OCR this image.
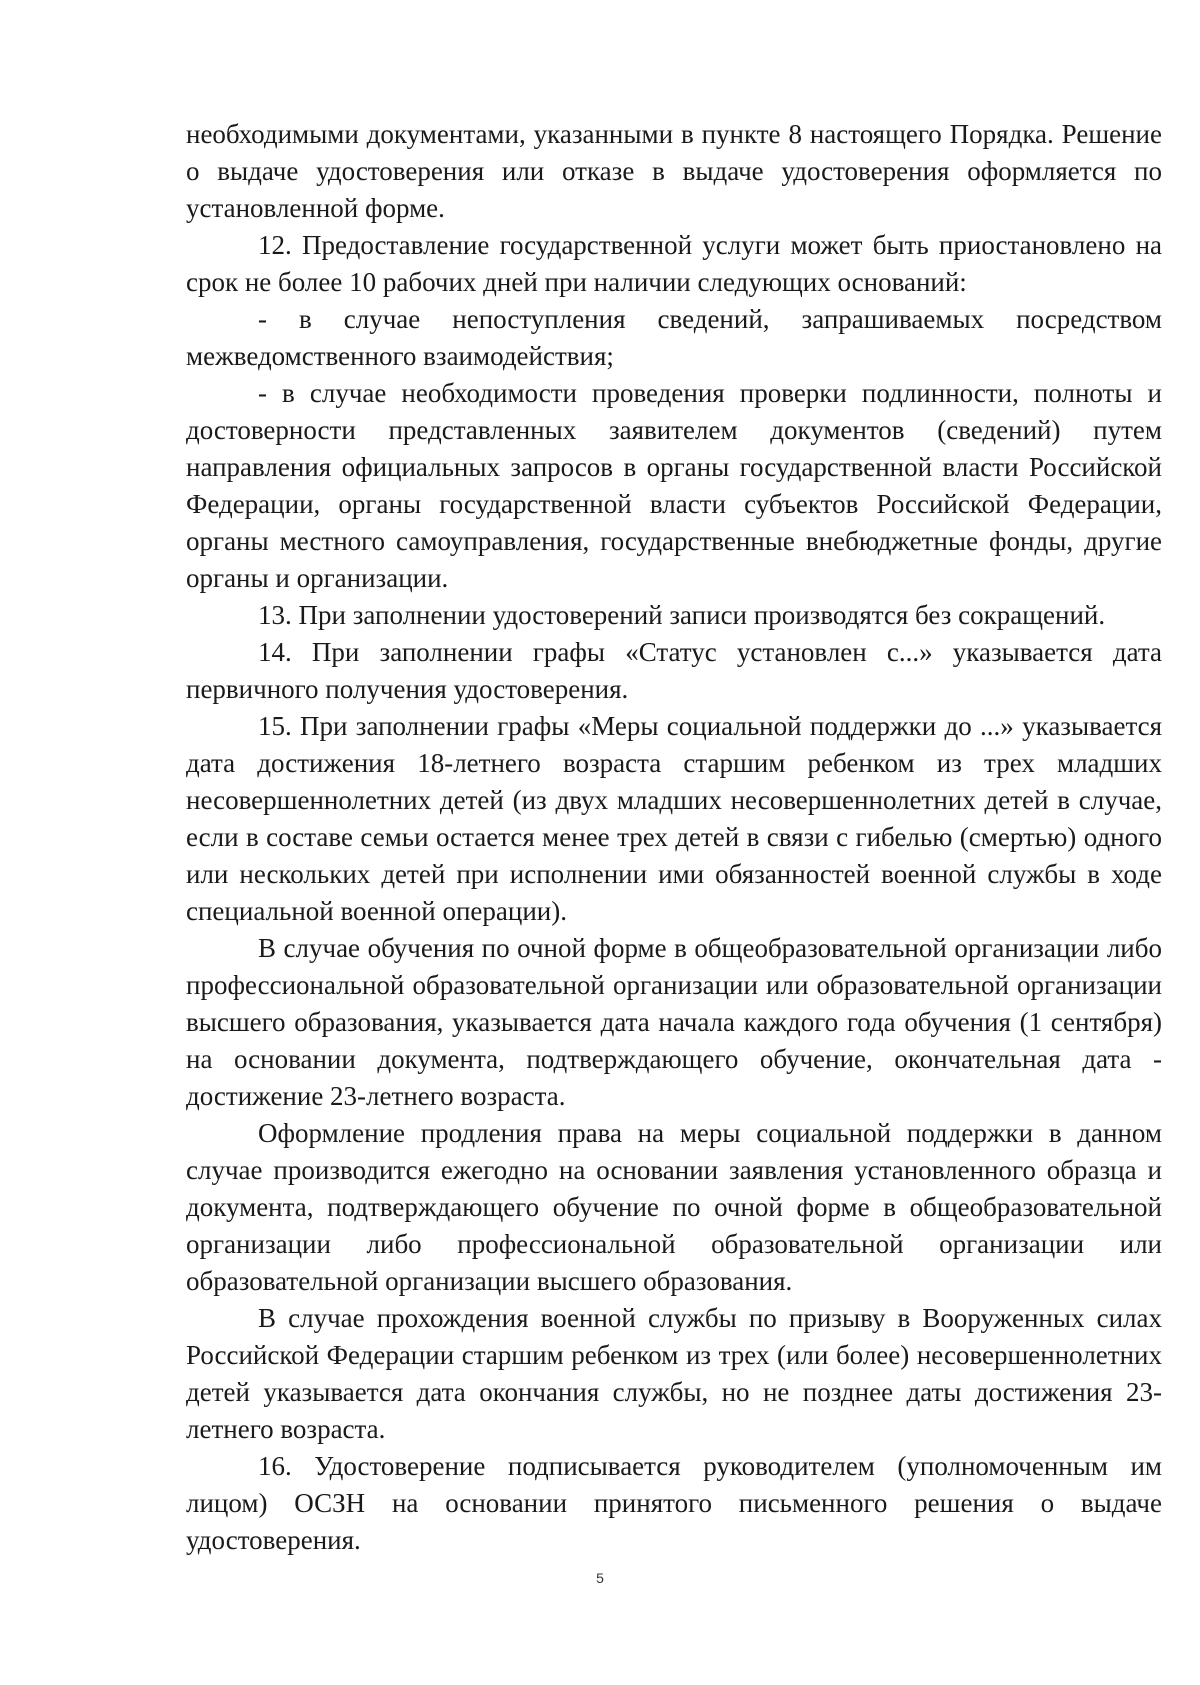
необходимыми документами, указанными в пункте 8 настоящего Порядка. Решение о выдаче удостоверения или отказе в выдаче удостоверения оформляется по установленной форме.

12. Предоставление государственной услуги может быть приостановлено на срок не более 10 рабочих дней при наличии следующих оснований:

- в случае непоступления сведений, запрашиваемых посредством межведомственного взаимодействия;

- в случае необходимости проведения проверки подлинности, полноты и достоверности представленных заявителем документов (сведений) путем направления официальных запросов в органы государственной власти Российской Федерации, органы государственной власти субъектов Российской Федерации, органы местного самоуправления, государственные внебюджетные фонды, другие органы и организации.

13. При заполнении удостоверений записи производятся без сокращений.

14. При заполнении графы «Статус установлен с...» указывается дата первичного получения удостоверения.

15. При заполнении графы «Меры социальной поддержки до ...» указывается дата достижения 18-летнего возраста старшим ребенком из трех младших несовершеннолетних детей (из двух младших несовершеннолетних детей в случае, если в составе семьи остается менее трех детей в связи с гибелью (смертью) одного или нескольких детей при исполнении ими обязанностей военной службы в ходе специальной военной операции).

В случае обучения по очной форме в общеобразовательной организации либо профессиональной образовательной организации или образовательной организации высшего образования, указывается дата начала каждого года обучения (1 сентября) на основании документа, подтверждающего обучение, окончательная дата - достижение 23-летнего возраста.

Оформление продления права на меры социальной поддержки в данном случае производится ежегодно на основании заявления установленного образца и документа, подтверждающего обучение по очной форме в общеобразовательной организации либо профессиональной образовательной организации или образовательной организации высшего образования.

В случае прохождения военной службы по призыву в Вооруженных силах Российской Федерации старшим ребенком из трех (или более) несовершеннолетних детей указывается дата окончания службы, но не позднее даты достижения 23-летнего возраста.

16. Удостоверение подписывается руководителем (уполномоченным им лицом) ОСЗН на основании принятого письменного решения о выдаче удостоверения.

5
